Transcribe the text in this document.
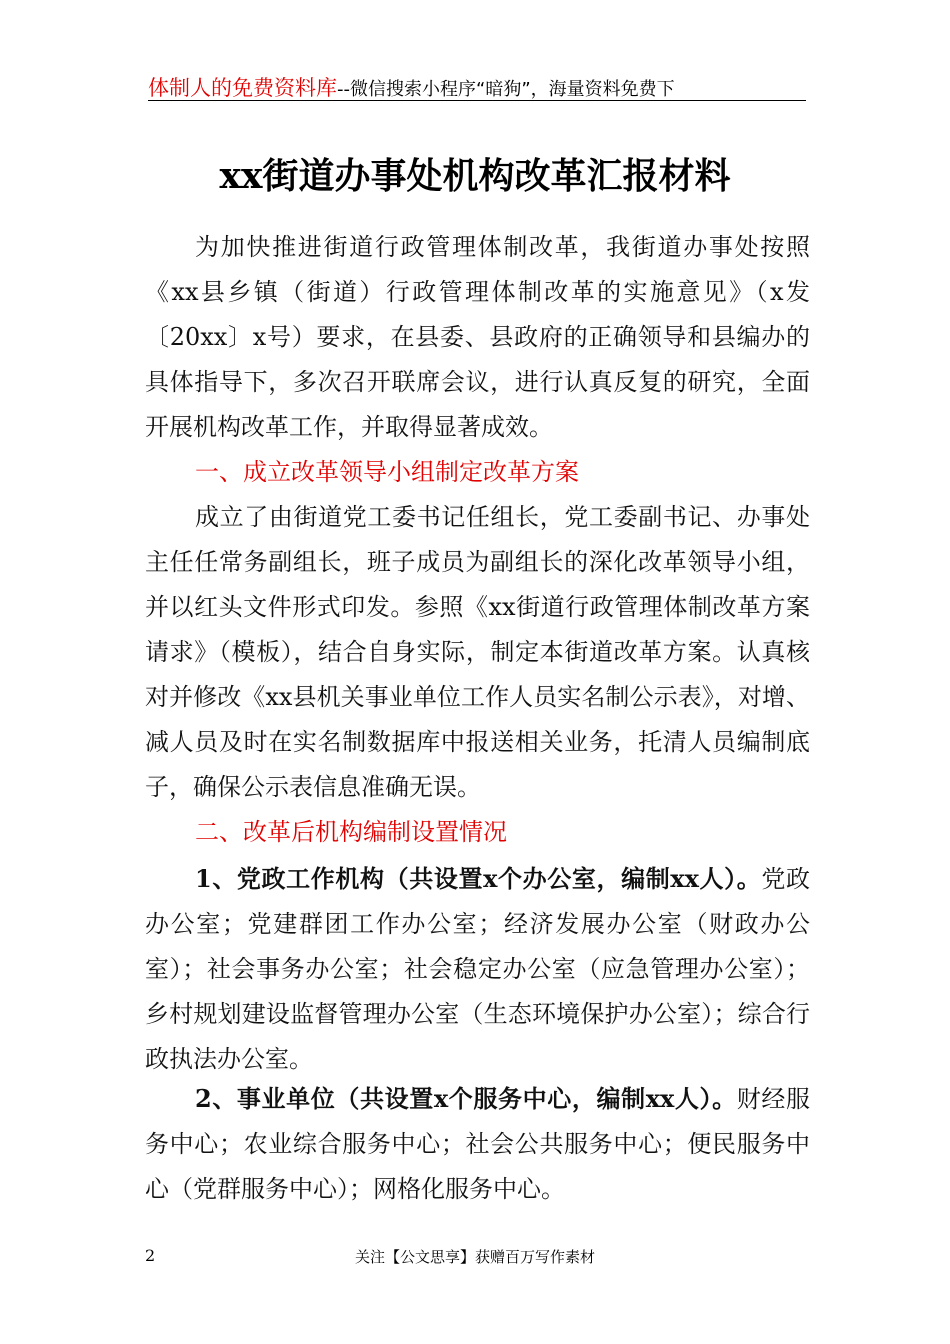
体制人的免费资料库--微信搜索小程序“暗狗”，海量资料免费下
xx街道办事处机构改革汇报材料
为加快推进街道行政管理体制改革，我街道办事处按照《xx县乡镇（街道）行政管理体制改革的实施意见》（x发〔20xx〕x号）要求，在县委、县政府的正确领导和县编办的具体指导下，多次召开联席会议，进行认真反复的研究，全面开展机构改革工作，并取得显著成效。
一、成立改革领导小组制定改革方案
成立了由街道党工委书记任组长，党工委副书记、办事处主任任常务副组长，班子成员为副组长的深化改革领导小组，并以红头文件形式印发。参照《xx街道行政管理体制改革方案请求》（模板），结合自身实际，制定本街道改革方案。认真核对并修改《xx县机关事业单位工作人员实名制公示表》，对增、减人员及时在实名制数据库中报送相关业务，托清人员编制底子，确保公示表信息准确无误。
二、改革后机构编制设置情况
1、党政工作机构（共设置x个办公室，编制xx人）。党政办公室；党建群团工作办公室；经济发展办公室（财政办公室）；社会事务办公室；社会稳定办公室（应急管理办公室）；乡村规划建设监督管理办公室（生态环境保护办公室）；综合行政执法办公室。
2、事业单位（共设置x个服务中心，编制xx人）。财经服务中心；农业综合服务中心；社会公共服务中心；便民服务中心（党群服务中心）；网格化服务中心。
2	关注【公文思享】获赠百万写作素材
